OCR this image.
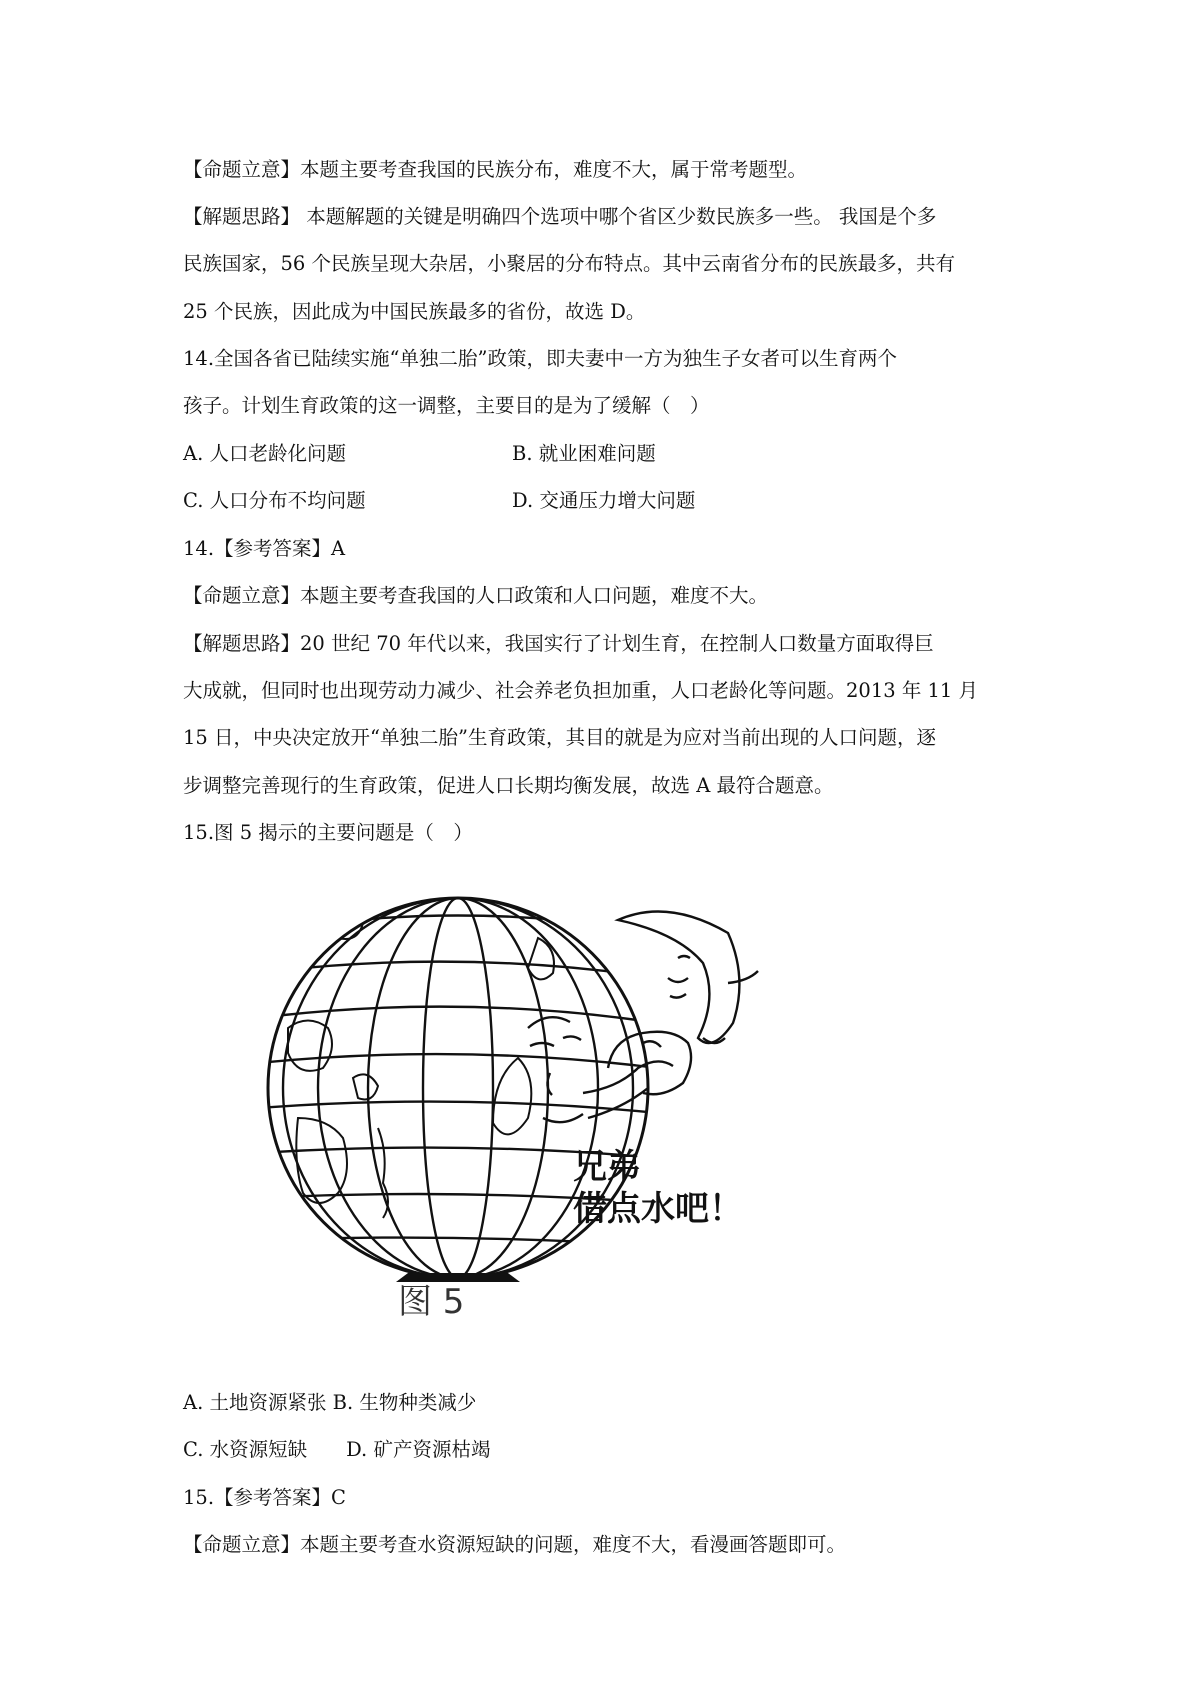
【命题立意】本题主要考查我国的民族分布，难度不大，属于常考题型。
【解题思路】 本题解题的关键是明确四个选项中哪个省区少数民族多一些。 我国是个多
民族国家，56 个民族呈现大杂居，小聚居的分布特点。其中云南省分布的民族最多，共有
25 个民族，因此成为中国民族最多的省份，故选 D。
14.全国各省已陆续实施“单独二胎”政策，即夫妻中一方为独生子女者可以生育两个
孩子。计划生育政策的这一调整，主要目的是为了缓解（　）
A. 人口老龄化问题	B. 就业困难问题
C. 人口分布不均问题	D. 交通压力增大问题
14.【参考答案】A
【命题立意】本题主要考查我国的人口政策和人口问题，难度不大。
【解题思路】20 世纪 70 年代以来，我国实行了计划生育，在控制人口数量方面取得巨
大成就，但同时也出现劳动力减少、社会养老负担加重，人口老龄化等问题。2013 年 11 月
15 日，中央决定放开“单独二胎”生育政策，其目的就是为应对当前出现的人口问题，逐
步调整完善现行的生育政策，促进人口长期均衡发展，故选 A 最符合题意。
15.图 5 揭示的主要问题是（　）
兄弟
借点水吧！
图 5
A. 土地资源紧张 B. 生物种类减少
C. 水资源短缺　　D. 矿产资源枯竭
15.【参考答案】C
【命题立意】本题主要考查水资源短缺的问题，难度不大，看漫画答题即可。
